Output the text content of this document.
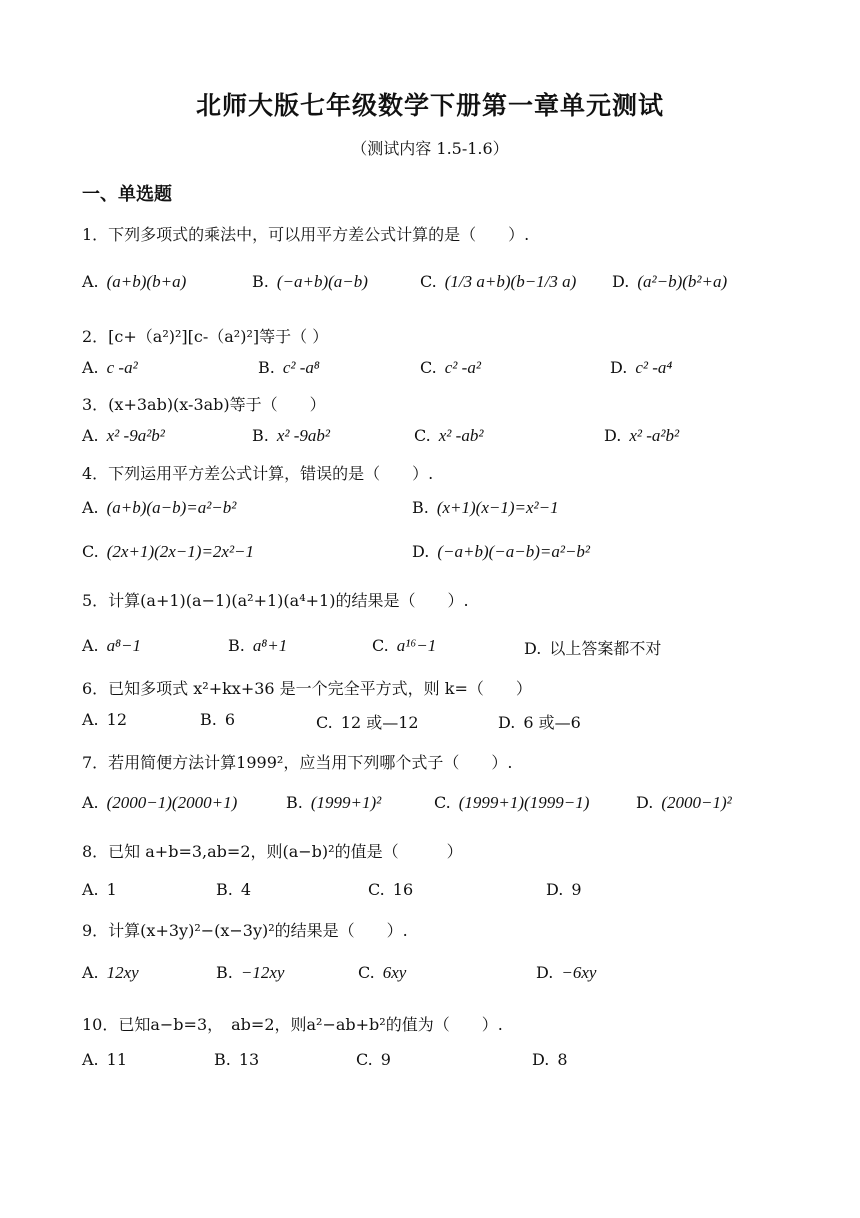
北师大版七年级数学下册第一章单元测试
（测试内容 1.5-1.6）
一、单选题
1．下列多项式的乘法中，可以用平方差公式计算的是（　　）.
A. (a+b)(b+a)	B. (−a+b)(a−b)	C. (1/3 a+b)(b−1/3 a) D. (a²−b)(b²+a)
2．[c+（a²)²][c-（a²)²]等于（ ）
A. c -a²	B. c² -a⁸	C. c² -a²	D. c² -a⁴
3．(x+3ab)(x-3ab)等于（　　）
A. x² -9a²b²	B. x² -9ab²	C. x² -ab²	D. x² -a²b²
4．下列运用平方差公式计算，错误的是（　　）.
A. (a+b)(a−b)=a²−b²	B. (x+1)(x−1)=x²−1
C. (2x+1)(2x−1)=2x²−1	D. (−a+b)(−a−b)=a²−b²
5．计算(a+1)(a−1)(a²+1)(a⁴+1)的结果是（　　）.
A. a⁸−1	B. a⁸+1	C. a¹⁶−1	D. 以上答案都不对
6．已知多项式 x²+kx+36 是一个完全平方式，则 k=（　　）
A. 12	B. 6	C. 12 或—12	D. 6 或—6
7．若用简便方法计算1999²，应当用下列哪个式子（　　）.
A. (2000−1)(2000+1)	B. (1999+1)²	C. (1999+1)(1999−1)	D. (2000−1)²
8．已知 a+b=3,ab=2，则(a−b)²的值是（　　　）
A. 1	B. 4	C. 16	D. 9
9．计算(x+3y)²−(x−3y)²的结果是（　　）.
A. 12xy	B. −12xy	C. 6xy	D. −6xy
10．已知a−b=3，　ab=2，则a²−ab+b²的值为（　　）.
A. 11	B. 13	C. 9	D. 8
